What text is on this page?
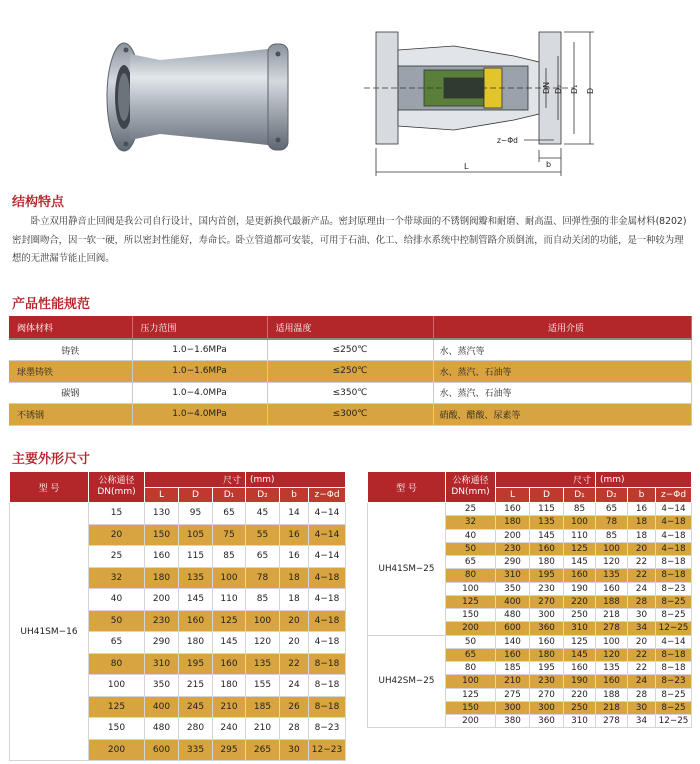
DN D₂ D₁ D
z−Φd
b
L
结构特点

卧立双用静音止回阀是我公司自行设计，国内首创，是更新换代最新产品。密封原理由一个带球面的不锈钢阀瓣和耐磨、耐高温、回弹性强的非金属材料(8202)密封圈吻合，因一软一硬，所以密封性能好，寿命长。卧立管道都可安装，可用于石油、化工、给排水系统中控制管路介质倒流，而自动关闭的功能，是一种较为理想的无泄漏节能止回阀。

产品性能规范
阀体材料	压力范围	适用温度	适用介质
铸铁	1.0−1.6MPa	≤250℃	水、蒸汽等
球墨铸铁	1.0−1.6MPa	≤250℃	水、蒸汽、石油等
碳钢	1.0−4.0MPa	≤350℃	水、蒸汽、石油等
不锈钢	1.0−4.0MPa	≤300℃	硝酸、醋酸、尿素等
主要外形尺寸
型 号	公称通径DN(mm)	尺寸			(mm)		
		L	D	D₁	D₂	b	z−Φd
UH41SM−16	15	130	95	65	45	14	4−14
	20	150	105	75	55	16	4−14
	25	160	115	85	65	16	4−14
	32	180	135	100	78	18	4−18
	40	200	145	110	85	18	4−18
	50	230	160	125	100	20	4−18
	65	290	180	145	120	20	4−18
	80	310	195	160	135	22	8−18
	100	350	215	180	155	24	8−18
	125	400	245	210	185	26	8−18
	150	480	280	240	210	28	8−23
	200	600	335	295	265	30	12−23
型 号	公称通径DN(mm)	尺寸			(mm)		
		L	D	D₁	D₂	b	z−Φd
UH41SM−25	25	160	115	85	65	16	4−14
	32	180	135	100	78	18	4−18
	40	200	145	110	85	18	4−18
	50	230	160	125	100	20	4−18
	65	290	180	145	120	22	8−18
	80	310	195	160	135	22	8−18
	100	350	230	190	160	24	8−23
	125	400	270	220	188	28	8−25
	150	480	300	250	218	30	8−25
	200	600	360	310	278	34	12−25
UH42SM−25	50	140	160	125	100	20	4−14
	65	160	180	145	120	22	8−18
	80	185	195	160	135	22	8−18
	100	210	230	190	160	24	8−23
	125	275	270	220	188	28	8−25
	150	300	300	250	218	30	8−25
	200	380	360	310	278	34	12−25
